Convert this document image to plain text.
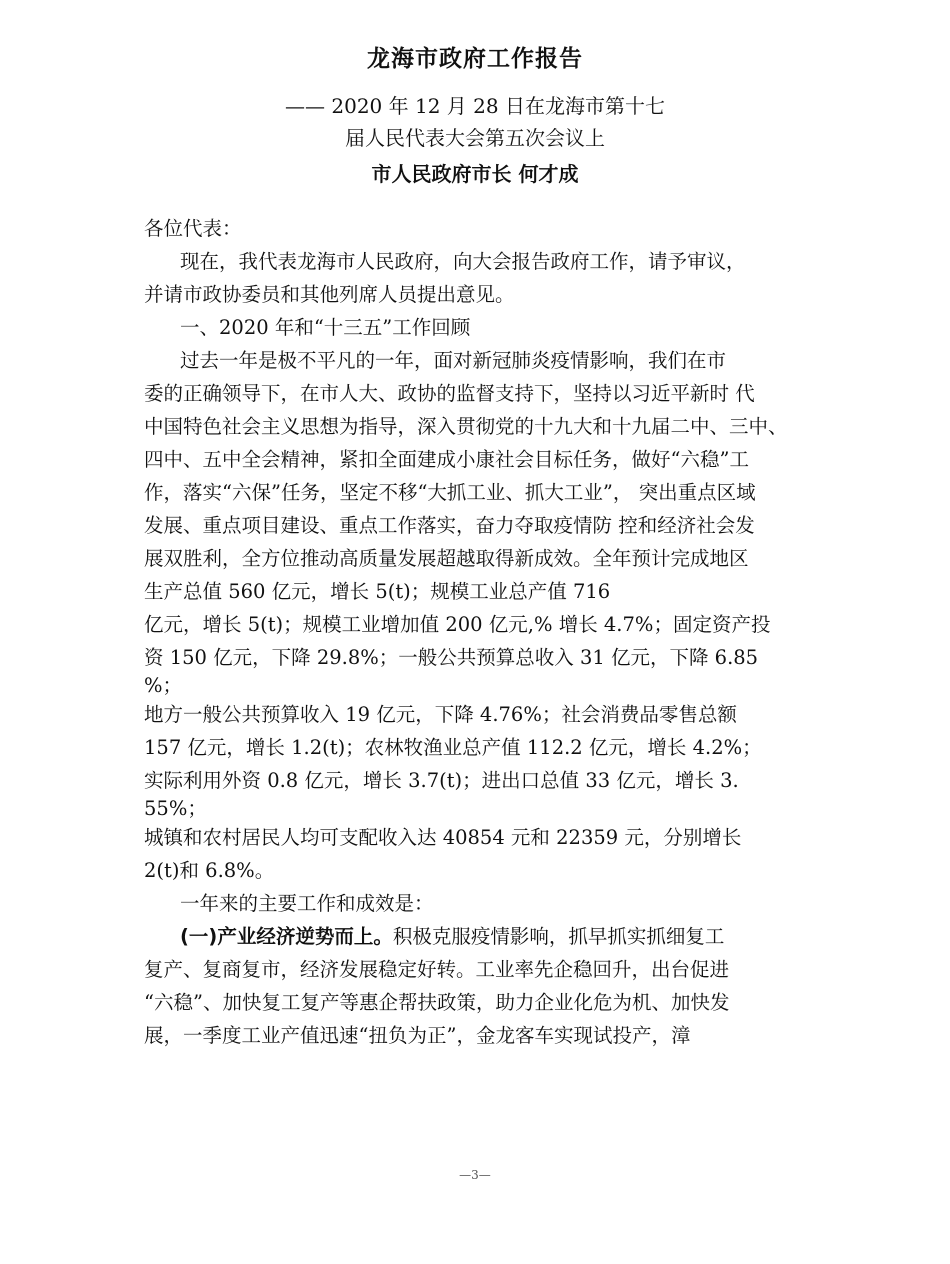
龙海市政府工作报告
—— 2020 年 12 月 28 日在龙海市第十七
届人民代表大会第五次会议上
市人民政府市长 何才成
各位代表：
现在，我代表龙海市人民政府，向大会报告政府工作，请予审议，
并请市政协委员和其他列席人员提出意见。
一、2020 年和“十三五”工作回顾
过去一年是极不平凡的一年，面对新冠肺炎疫情影响，我们在市
委的正确领导下，在市人大、政协的监督支持下，坚持以习近平新时 代
中国特色社会主义思想为指导，深入贯彻党的十九大和十九届二中、三中、
四中、五中全会精神，紧扣全面建成小康社会目标任务，做好“六稳”工
作，落实“六保”任务，坚定不移“大抓工业、抓大工业”， 突出重点区域
发展、重点项目建设、重点工作落实，奋力夺取疫情防 控和经济社会发
展双胜利，全方位推动高质量发展超越取得新成效。全年预计完成地区
生产总值 560 亿元，增长 5(t)；规模工业总产值 716
亿元，增长 5(t)；规模工业增加值 200 亿元,% 增长 4.7%；固定资产投
资 150 亿元，下降 29.8%；一般公共预算总收入 31 亿元，下降 6.85
%；
地方一般公共预算收入 19 亿元，下降 4.76%；社会消费品零售总额
157 亿元，增长 1.2(t)；农林牧渔业总产值 112.2 亿元，增长 4.2%；
实际利用外资 0.8 亿元，增长 3.7(t)；进出口总值 33 亿元，增长 3.
55%；
城镇和农村居民人均可支配收入达 40854 元和 22359 元，分别增长
2(t)和 6.8%。
一年来的主要工作和成效是：
(一)产业经济逆势而上。积极克服疫情影响，抓早抓实抓细复工
复产、复商复市，经济发展稳定好转。工业率先企稳回升，出台促进
“六稳”、加快复工复产等惠企帮扶政策，助力企业化危为机、加快发
展，一季度工业产值迅速“扭负为正”，金龙客车实现试投产，漳
—3—
